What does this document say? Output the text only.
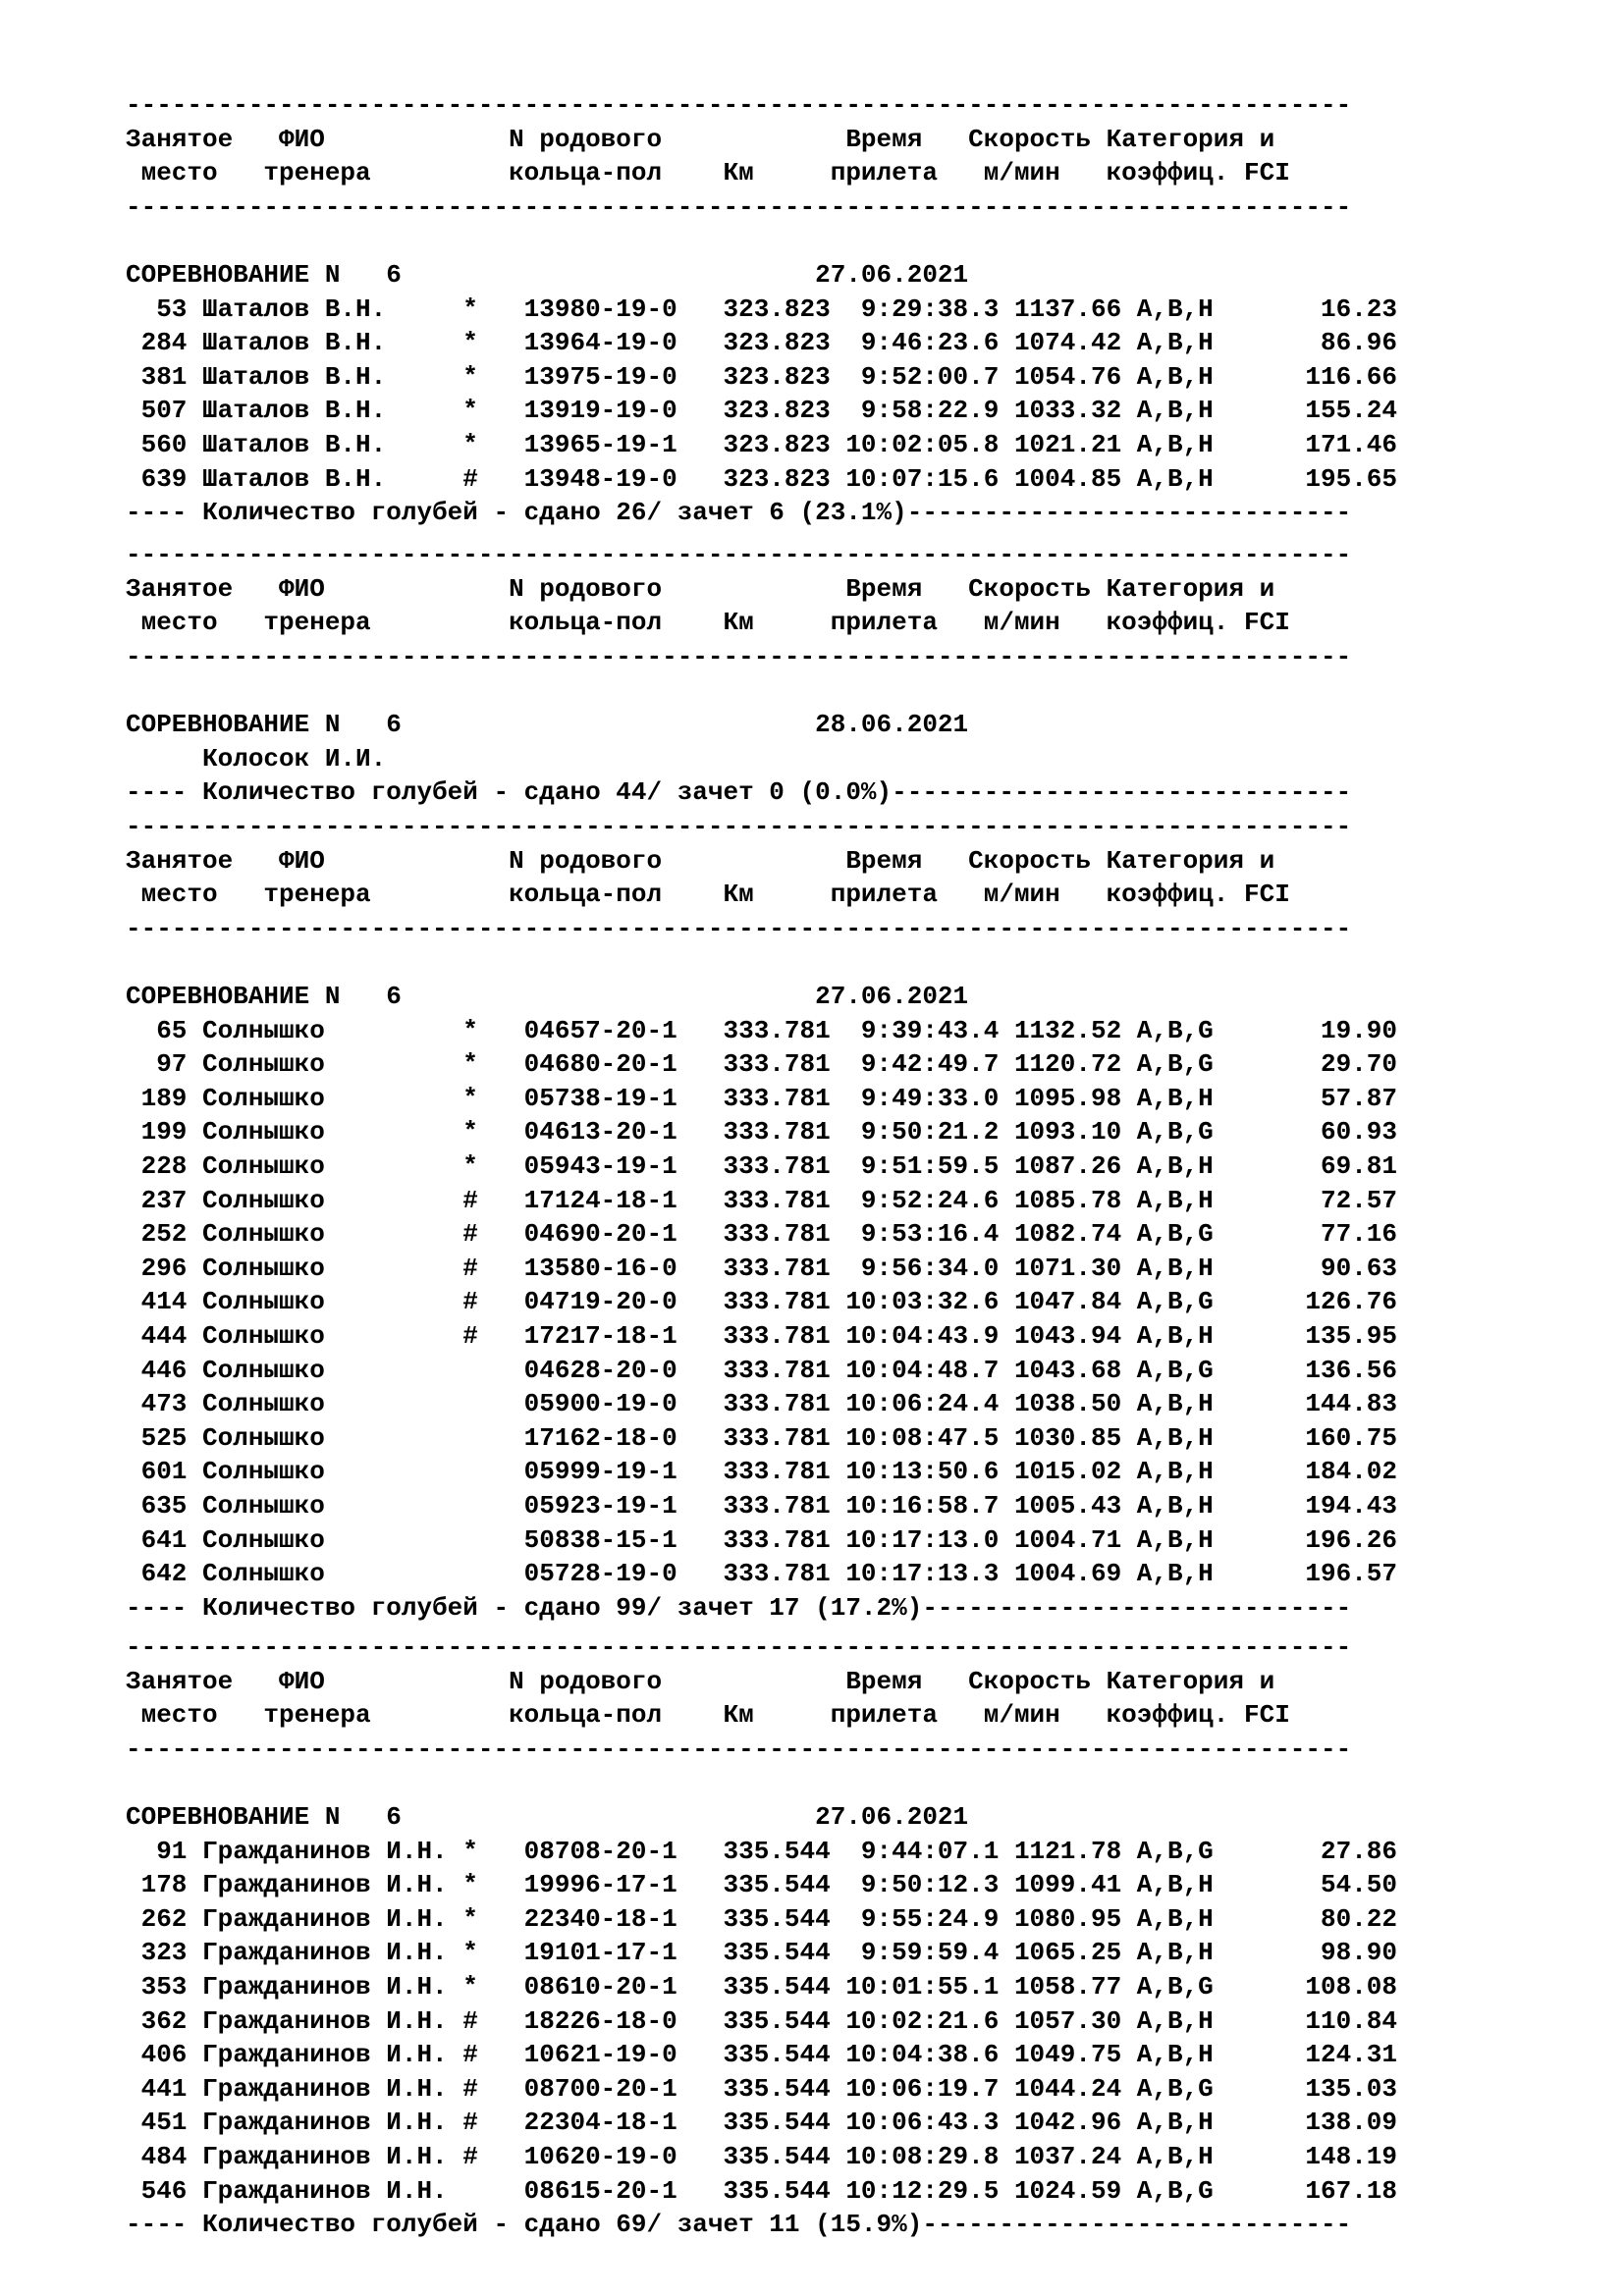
--------------------------------------------------------------------------------
Занятое   ФИО            N родового            Время   Скорость Категория и
место   тренера         кольца-пол    Км     прилета   м/мин   коэффиц. FCI
--------------------------------------------------------------------------------
СОРЕВНОВАНИЕ N   6                           27.06.2021
53 Шаталов В.Н.     *   13980-19-0   323.823  9:29:38.3 1137.66 A,B,H       16.23
284 Шаталов В.Н.     *   13964-19-0   323.823  9:46:23.6 1074.42 A,B,H       86.96
381 Шаталов В.Н.     *   13975-19-0   323.823  9:52:00.7 1054.76 A,B,H      116.66
507 Шаталов В.Н.     *   13919-19-0   323.823  9:58:22.9 1033.32 A,B,H      155.24
560 Шаталов В.Н.     *   13965-19-1   323.823 10:02:05.8 1021.21 A,B,H      171.46
639 Шаталов В.Н.     #   13948-19-0   323.823 10:07:15.6 1004.85 A,B,H      195.65
---- Количество голубей - сдано 26/ зачет 6 (23.1%)-----------------------------
--------------------------------------------------------------------------------
Занятое   ФИО            N родового            Время   Скорость Категория и
место   тренера         кольца-пол    Км     прилета   м/мин   коэффиц. FCI
--------------------------------------------------------------------------------
СОРЕВНОВАНИЕ N   6                           28.06.2021
Колосок И.И.
---- Количество голубей - сдано 44/ зачет 0 (0.0%)------------------------------
--------------------------------------------------------------------------------
Занятое   ФИО            N родового            Время   Скорость Категория и
место   тренера         кольца-пол    Км     прилета   м/мин   коэффиц. FCI
--------------------------------------------------------------------------------
СОРЕВНОВАНИЕ N   6                           27.06.2021
65 Солнышко         *   04657-20-1   333.781  9:39:43.4 1132.52 A,B,G       19.90
97 Солнышко         *   04680-20-1   333.781  9:42:49.7 1120.72 A,B,G       29.70
189 Солнышко         *   05738-19-1   333.781  9:49:33.0 1095.98 A,B,H       57.87
199 Солнышко         *   04613-20-1   333.781  9:50:21.2 1093.10 A,B,G       60.93
228 Солнышко         *   05943-19-1   333.781  9:51:59.5 1087.26 A,B,H       69.81
237 Солнышко         #   17124-18-1   333.781  9:52:24.6 1085.78 A,B,H       72.57
252 Солнышко         #   04690-20-1   333.781  9:53:16.4 1082.74 A,B,G       77.16
296 Солнышко         #   13580-16-0   333.781  9:56:34.0 1071.30 A,B,H       90.63
414 Солнышко         #   04719-20-0   333.781 10:03:32.6 1047.84 A,B,G      126.76
444 Солнышко         #   17217-18-1   333.781 10:04:43.9 1043.94 A,B,H      135.95
446 Солнышко             04628-20-0   333.781 10:04:48.7 1043.68 A,B,G      136.56
473 Солнышко             05900-19-0   333.781 10:06:24.4 1038.50 A,B,H      144.83
525 Солнышко             17162-18-0   333.781 10:08:47.5 1030.85 A,B,H      160.75
601 Солнышко             05999-19-1   333.781 10:13:50.6 1015.02 A,B,H      184.02
635 Солнышко             05923-19-1   333.781 10:16:58.7 1005.43 A,B,H      194.43
641 Солнышко             50838-15-1   333.781 10:17:13.0 1004.71 A,B,H      196.26
642 Солнышко             05728-19-0   333.781 10:17:13.3 1004.69 A,B,H      196.57
---- Количество голубей - сдано 99/ зачет 17 (17.2%)----------------------------
--------------------------------------------------------------------------------
Занятое   ФИО            N родового            Время   Скорость Категория и
место   тренера         кольца-пол    Км     прилета   м/мин   коэффиц. FCI
--------------------------------------------------------------------------------
СОРЕВНОВАНИЕ N   6                           27.06.2021
91 Гражданинов И.Н. *   08708-20-1   335.544  9:44:07.1 1121.78 A,B,G       27.86
178 Гражданинов И.Н. *   19996-17-1   335.544  9:50:12.3 1099.41 A,B,H       54.50
262 Гражданинов И.Н. *   22340-18-1   335.544  9:55:24.9 1080.95 A,B,H       80.22
323 Гражданинов И.Н. *   19101-17-1   335.544  9:59:59.4 1065.25 A,B,H       98.90
353 Гражданинов И.Н. *   08610-20-1   335.544 10:01:55.1 1058.77 A,B,G      108.08
362 Гражданинов И.Н. #   18226-18-0   335.544 10:02:21.6 1057.30 A,B,H      110.84
406 Гражданинов И.Н. #   10621-19-0   335.544 10:04:38.6 1049.75 A,B,H      124.31
441 Гражданинов И.Н. #   08700-20-1   335.544 10:06:19.7 1044.24 A,B,G      135.03
451 Гражданинов И.Н. #   22304-18-1   335.544 10:06:43.3 1042.96 A,B,H      138.09
484 Гражданинов И.Н. #   10620-19-0   335.544 10:08:29.8 1037.24 A,B,H      148.19
546 Гражданинов И.Н.     08615-20-1   335.544 10:12:29.5 1024.59 A,B,G      167.18
---- Количество голубей - сдано 69/ зачет 11 (15.9%)----------------------------
